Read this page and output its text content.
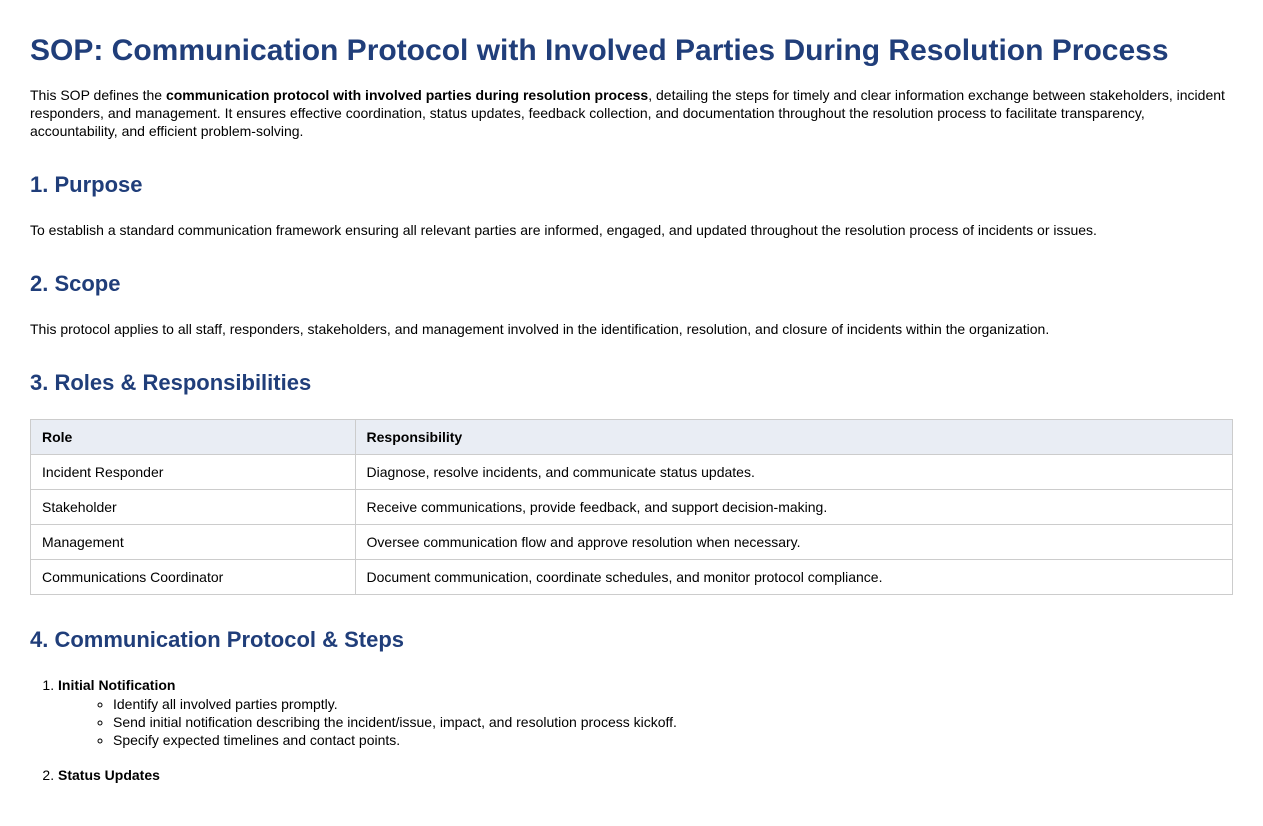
SOP: Communication Protocol with Involved Parties During Resolution Process

This SOP defines the communication protocol with involved parties during resolution process, detailing the steps for timely and clear information exchange between stakeholders, incident responders, and management. It ensures effective coordination, status updates, feedback collection, and documentation throughout the resolution process to facilitate transparency, accountability, and efficient problem-solving.

1. Purpose

To establish a standard communication framework ensuring all relevant parties are informed, engaged, and updated throughout the resolution process of incidents or issues.

2. Scope

This protocol applies to all staff, responders, stakeholders, and management involved in the identification, resolution, and closure of incidents within the organization.

3. Roles & Responsibilities
Role	Responsibility
Incident Responder	Diagnose, resolve incidents, and communicate status updates.
Stakeholder	Receive communications, provide feedback, and support decision-making.
Management	Oversee communication flow and approve resolution when necessary.
Communications Coordinator	Document communication, coordinate schedules, and monitor protocol compliance.
4. Communication Protocol & Steps
1. Initial Notification
◦ Identify all involved parties promptly.
◦ Send initial notification describing the incident/issue, impact, and resolution process kickoff.
◦ Specify expected timelines and contact points.
2. Status Updates
